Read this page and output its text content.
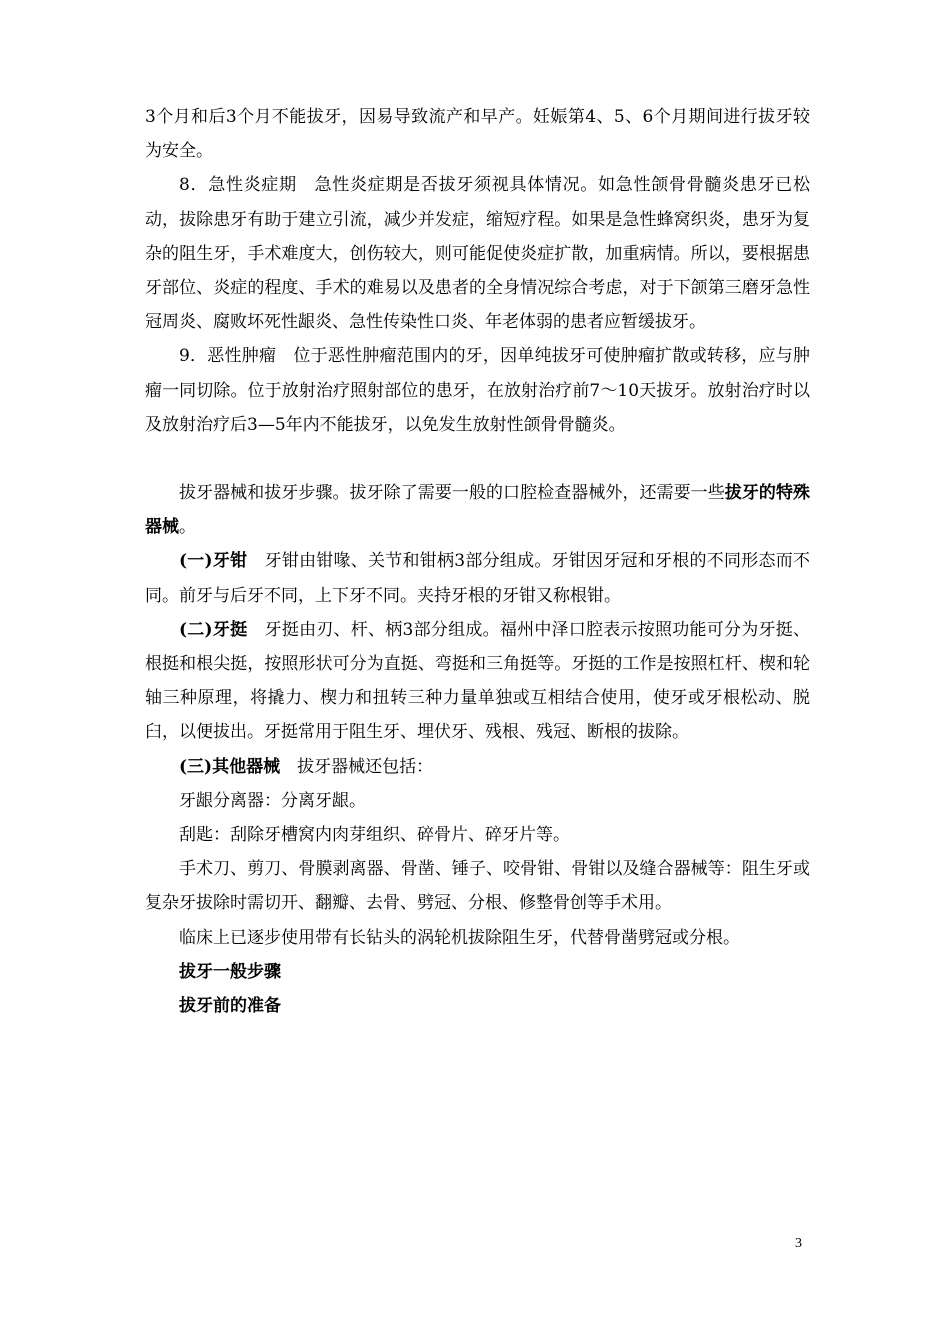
3个月和后3个月不能拔牙，因易导致流产和早产。妊娠第4、5、6个月期间进行拔牙较为安全。

8．急性炎症期　急性炎症期是否拔牙须视具体情况。如急性颌骨骨髓炎患牙已松动，拔除患牙有助于建立引流，减少并发症，缩短疗程。如果是急性蜂窝织炎，患牙为复杂的阻生牙，手术难度大，创伤较大，则可能促使炎症扩散，加重病情。所以，要根据患牙部位、炎症的程度、手术的难易以及患者的全身情况综合考虑，对于下颌第三磨牙急性冠周炎、腐败坏死性龈炎、急性传染性口炎、年老体弱的患者应暂缓拔牙。

9．恶性肿瘤　位于恶性肿瘤范围内的牙，因单纯拔牙可使肿瘤扩散或转移，应与肿瘤一同切除。位于放射治疗照射部位的患牙，在放射治疗前7～10天拔牙。放射治疗时以及放射治疗后3—5年内不能拔牙，以免发生放射性颌骨骨髓炎。

拔牙器械和拔牙步骤。拔牙除了需要一般的口腔检查器械外，还需要一些拔牙的特殊器械。

(一)牙钳　牙钳由钳喙、关节和钳柄3部分组成。牙钳因牙冠和牙根的不同形态而不同。前牙与后牙不同，上下牙不同。夹持牙根的牙钳又称根钳。

(二)牙挺　牙挺由刃、杆、柄3部分组成。福州中泽口腔表示按照功能可分为牙挺、根挺和根尖挺，按照形状可分为直挺、弯挺和三角挺等。牙挺的工作是按照杠杆、楔和轮轴三种原理，将撬力、楔力和扭转三种力量单独或互相结合使用，使牙或牙根松动、脱臼，以便拔出。牙挺常用于阻生牙、埋伏牙、残根、残冠、断根的拔除。

(三)其他器械　拔牙器械还包括：

牙龈分离器：分离牙龈。

刮匙：刮除牙槽窝内肉芽组织、碎骨片、碎牙片等。

手术刀、剪刀、骨膜剥离器、骨凿、锤子、咬骨钳、骨钳以及缝合器械等：阻生牙或复杂牙拔除时需切开、翻瓣、去骨、劈冠、分根、修整骨创等手术用。

临床上已逐步使用带有长钻头的涡轮机拔除阻生牙，代替骨凿劈冠或分根。

拔牙一般步骤

拔牙前的准备

3
